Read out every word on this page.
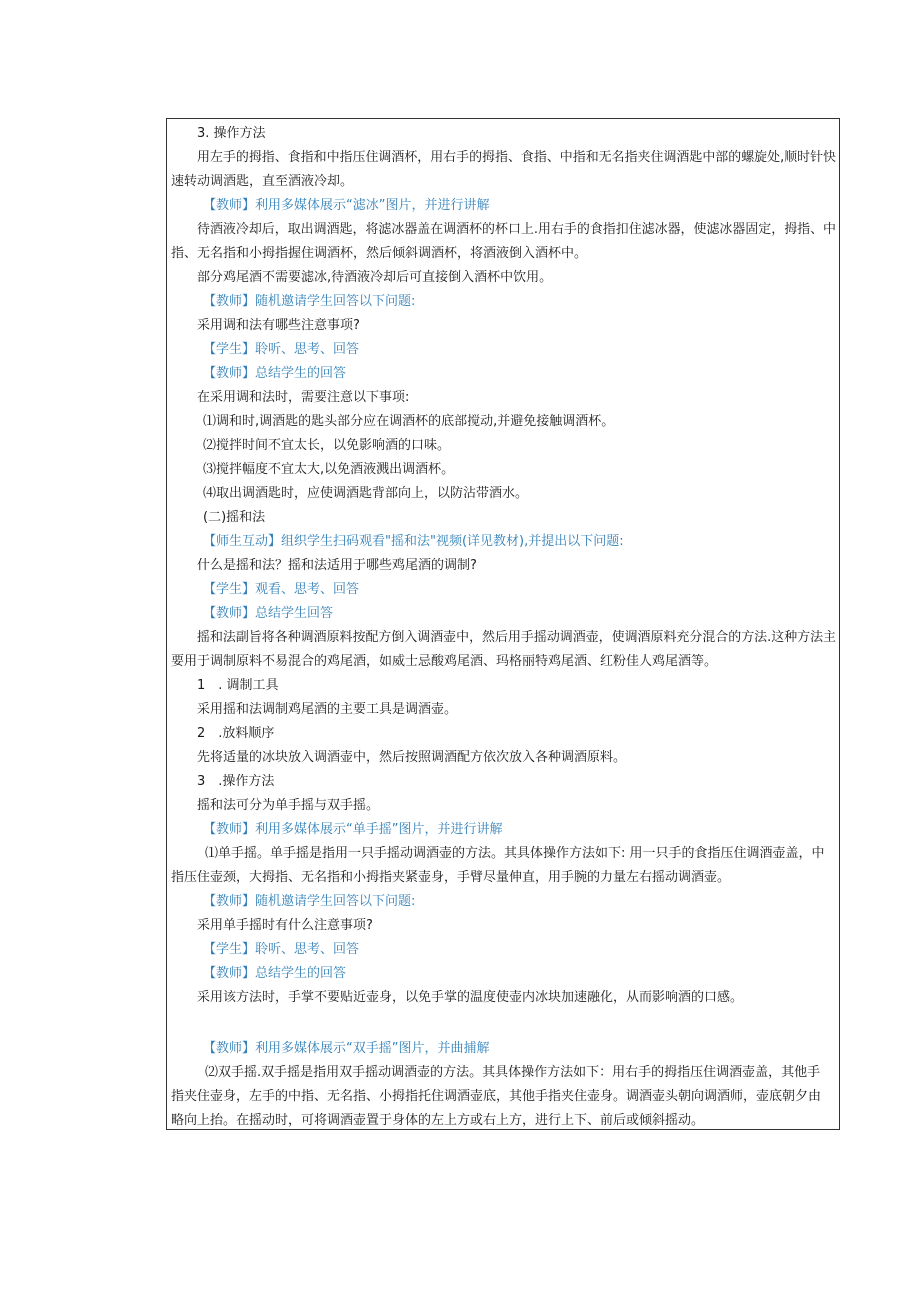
3. 操作方法
用左手的拇指、食指和中指压住调酒杯，用右手的拇指、食指、中指和无名指夹住调酒匙中部的螺旋处,顺时针快
速转动调酒匙，直至酒液冷却。
【教师】利用多媒体展示“滤冰”图片，并进行讲解
待酒液冷却后，取出调酒匙，将滤冰器盖在调酒杯的杯口上.用右手的食指扣住滤冰器，使滤冰器固定，拇指、中
指、无名指和小拇指握住调酒杯，然后倾斜调酒杯，将酒液倒入酒杯中。
部分鸡尾酒不需要滤冰,待酒液冷却后可直接倒入酒杯中饮用。
【教师】随机邀请学生回答以下问题:
采用调和法有哪些注意事项?
【学生】聆听、思考、回答
【教师】总结学生的回答
在采用调和法时，需要注意以下事项:
⑴调和时,调酒匙的匙头部分应在调酒杯的底部搅动,并避免接触调酒杯。
⑵搅拌时间不宜太长，以免影响酒的口味。
⑶搅拌幅度不宜太大,以免酒液溅出调酒杯。
⑷取出调酒匙时，应使调酒匙背部向上，以防沾带酒水。
(二)摇和法
【师生互动】组织学生扫码观看"摇和法"视频(详见教材),并提出以下问题:
什么是摇和法？摇和法适用于哪些鸡尾酒的调制?
【学生】观看、思考、回答
【教师】总结学生回答
摇和法副旨将各种调酒原料按配方倒入调酒壶中，然后用手摇动调酒壶，使调酒原料充分混合的方法.这种方法主
要用于调制原料不易混合的鸡尾酒，如威士忌酸鸡尾酒、玛格丽特鸡尾酒、红粉佳人鸡尾酒等。
1　. 调制工具
采用摇和法调制鸡尾酒的主要工具是调酒壶。
2　.放料顺序
先将适量的冰块放入调酒壶中，然后按照调酒配方依次放入各种调酒原料。
3　.操作方法
摇和法可分为单手摇与双手摇。
【教师】利用多媒体展示“单手摇”图片，并进行讲解
⑴单手摇。单手摇是指用一只手摇动调酒壶的方法。其具体操作方法如下: 用一只手的食指压住调酒壶盖，中
指压住壶颈，大拇指、无名指和小拇指夹紧壶身，手臂尽量伸直，用手腕的力量左右摇动调酒壶。
【教师】随机邀请学生回答以下问题:
采用单手摇时有什么注意事项?
【学生】聆听、思考、回答
【教师】总结学生的回答
采用该方法时，手掌不要贴近壶身，以免手掌的温度使壶内冰块加速融化，从而影响酒的口感。
【教师】利用多媒体展示“双手摇”图片，并曲捕解
⑵双手摇.双手摇是指用双手摇动调酒壶的方法。其具体操作方法如下：用右手的拇指压住调酒壶盖，其他手
指夹住壶身，左手的中指、无名指、小拇指托住调酒壶底，其他手指夹住壶身。调酒壶头朝向调酒师，壶底朝夕由
略向上抬。在摇动时，可将调酒壶置于身体的左上方或右上方，进行上下、前后或倾斜摇动。
